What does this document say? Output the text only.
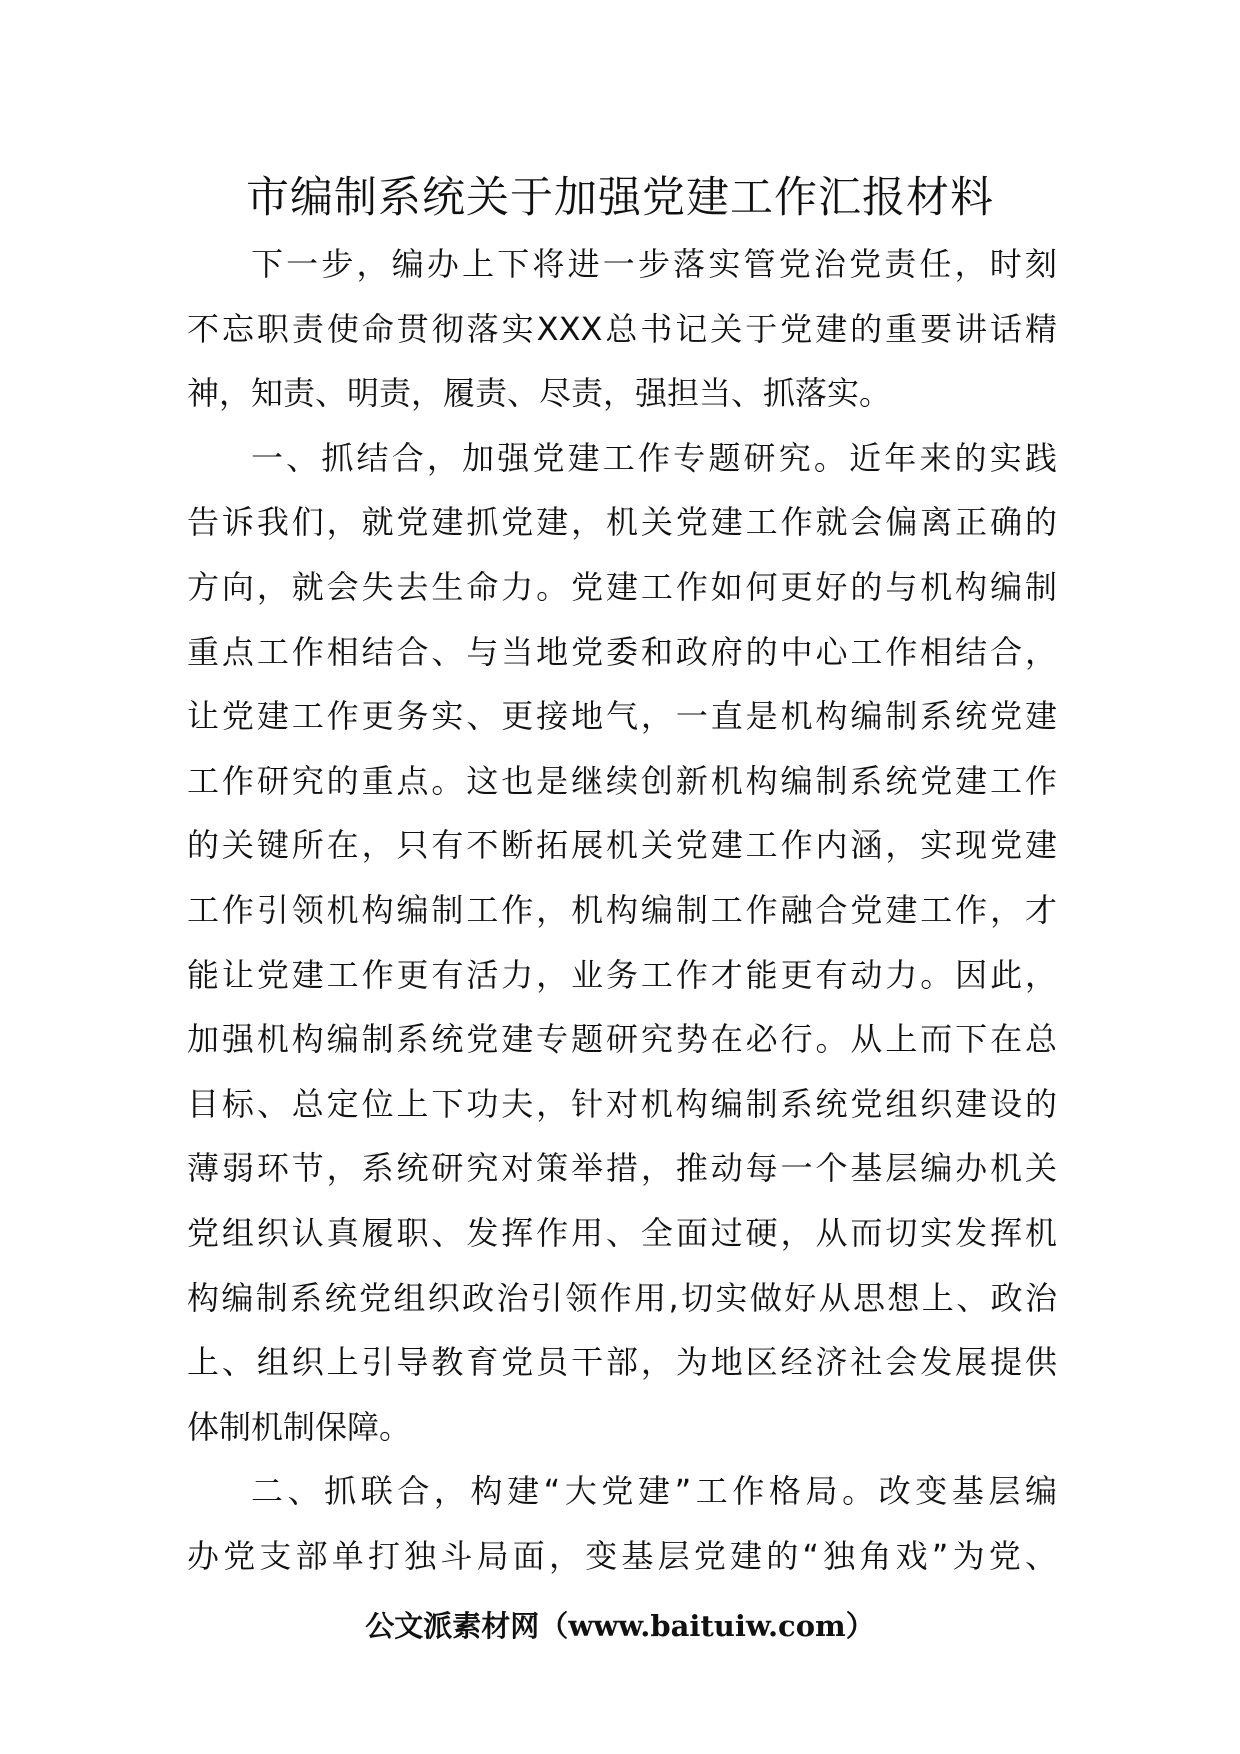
市编制系统关于加强党建工作汇报材料
下一步，编办上下将进一步落实管党治党责任，时刻
不忘职责使命贯彻落实XXX总书记关于党建的重要讲话精
神，知责、明责，履责、尽责，强担当、抓落实。
一、抓结合，加强党建工作专题研究。近年来的实践
告诉我们，就党建抓党建，机关党建工作就会偏离正确的
方向，就会失去生命力。党建工作如何更好的与机构编制
重点工作相结合、与当地党委和政府的中心工作相结合，
让党建工作更务实、更接地气，一直是机构编制系统党建
工作研究的重点。这也是继续创新机构编制系统党建工作
的关键所在，只有不断拓展机关党建工作内涵，实现党建
工作引领机构编制工作，机构编制工作融合党建工作，才
能让党建工作更有活力，业务工作才能更有动力。因此，
加强机构编制系统党建专题研究势在必行。从上而下在总
目标、总定位上下功夫，针对机构编制系统党组织建设的
薄弱环节，系统研究对策举措，推动每一个基层编办机关
党组织认真履职、发挥作用、全面过硬，从而切实发挥机
构编制系统党组织政治引领作用,切实做好从思想上、政治
上、组织上引导教育党员干部，为地区经济社会发展提供
体制机制保障。
二、抓联合，构建“大党建”工作格局。改变基层编
办党支部单打独斗局面，变基层党建的“独角戏”为党、
公文派素材网（www.baituiw.com）
